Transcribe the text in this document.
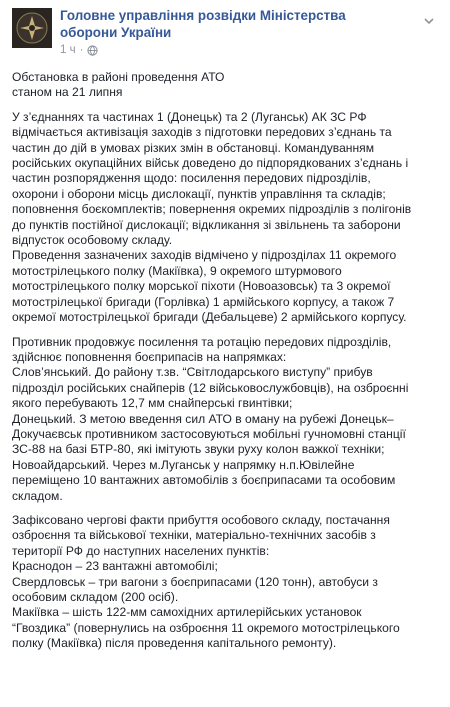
Головне управління розвідки Міністерства оборони України
1 ч ·

Обстановка в районі проведення АТО
станом на 21 липня

У з’єднаннях та частинах 1 (Донецьк) та 2 (Луганськ) АК ЗС РФ
відмічається активізація заходів з підготовки передових з’єднань та
частин до дій в умовах різких змін в обстановці. Командуванням
російських окупаційних військ доведено до підпорядкованих з’єднань і
частин розпорядження щодо: посилення передових підрозділів,
охорони і оборони місць дислокації, пунктів управління та складів;
поповнення боєкомплектів; повернення окремих підрозділів з полігонів
до пунктів постійної дислокації; відкликання зі звільнень та заборони
відпусток особовому складу.
Проведення зазначених заходів відмічено у підрозділах 11 окремого
мотострілецького полку (Макіївка), 9 окремого штурмового
мотострілецького полку морської піхоти (Новоазовськ) та 3 окремої
мотострілецької бригади (Горлівка) 1 армійського корпусу, а також 7
окремої мотострілецької бригади (Дебальцеве) 2 армійського корпусу.

Противник продовжує посилення та ротацію передових підрозділів,
здійснює поповнення боєприпасів на напрямках:
Слов’янський. До району т.зв. “Світлодарського виступу” прибув
підрозділ російських снайперів (12 військовослужбовців), на озброєнні
якого перебувають 12,7 мм снайперські гвинтівки;
Донецький. З метою введення сил АТО в оману на рубежі Донецьк–
Докучаєвськ противником застосовуються мобільні гучномовні станції
ЗС-88 на базі БТР-80, які імітують звуки руху колон важкої техніки;
Новоайдарський. Через м.Луганськ у напрямку н.п.Ювілейне
переміщено 10 вантажних автомобілів з боєприпасами та особовим
складом.

Зафіксовано чергові факти прибуття особового складу, постачання
озброєння та військової техніки, матеріально-технічних засобів з
території РФ до наступних населених пунктів:
Краснодон – 23 вантажні автомобілі;
Свердловськ – три вагони з боєприпасами (120 тонн), автобуси з
особовим складом (200 осіб).
Макіївка – шість 122-мм самохідних артилерійських установок
“Гвоздика” (повернулись на озброєння 11 окремого мотострілецького
полку (Макіївка) після проведення капітального ремонту).
